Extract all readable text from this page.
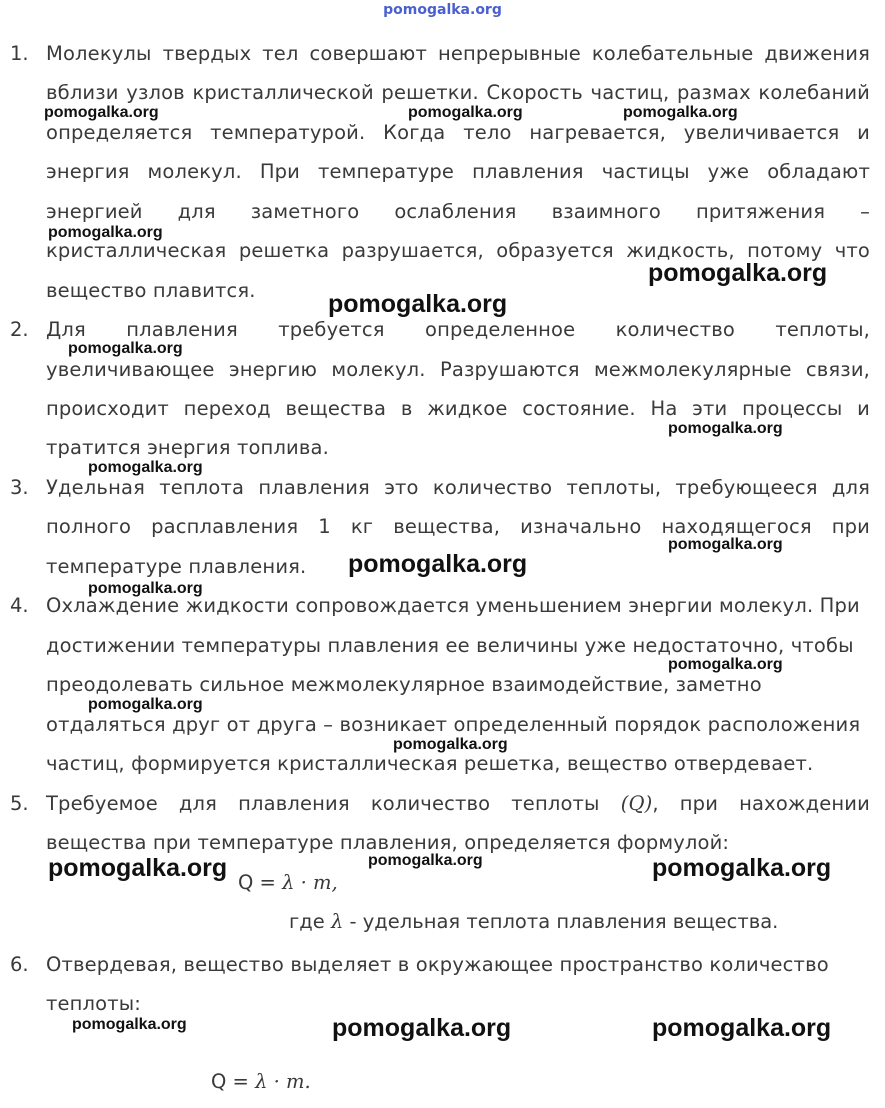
pomogalka.org
1. Молекулы твердых тел совершают непрерывные колебательные движения
вблизи узлов кристаллической решетки. Скорость частиц, размах колебаний
определяется температурой. Когда тело нагревается, увеличивается и
энергия молекул. При температуре плавления частицы уже обладают
энергией для заметного ослабления взаимного притяжения –
кристаллическая решетка разрушается, образуется жидкость, потому что
вещество плавится.
2. Для плавления требуется определенное количество теплоты,
увеличивающее энергию молекул. Разрушаются межмолекулярные связи,
происходит переход вещества в жидкое состояние. На эти процессы и
тратится энергия топлива.
3. Удельная теплота плавления это количество теплоты, требующееся для
полного расплавления 1 кг вещества, изначально находящегося при
температуре плавления.
4. Охлаждение жидкости сопровождается уменьшением энергии молекул. При
достижении температуры плавления ее величины уже недостаточно, чтобы
преодолевать сильное межмолекулярное взаимодействие, заметно
отдаляться друг от друга – возникает определенный порядок расположения
частиц, формируется кристаллическая решетка, вещество отвердевает.
5. Требуемое для плавления количество теплоты (Q), при нахождении
вещества при температуре плавления, определяется формулой:
Q = λ · m,
где λ - удельная теплота плавления вещества.
6. Отвердевая, вещество выделяет в окружающее пространство количество
теплоты:
Q = λ · m.
pomogalka.org	pomogalka.org	pomogalka.org
pomogalka.org
pomogalka.org
pomogalka.org
pomogalka.org
pomogalka.org
pomogalka.org
pomogalka.org
pomogalka.org
pomogalka.org
pomogalka.org
pomogalka.org
pomogalka.org
pomogalka.org
pomogalka.org
pomogalka.org	pomogalka.org
pomogalka.org	pomogalka.org
